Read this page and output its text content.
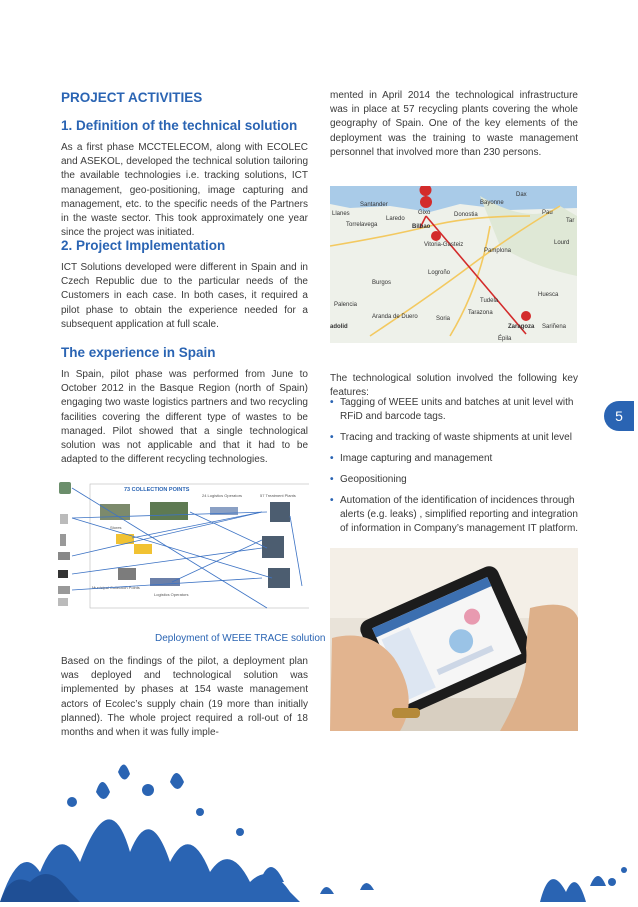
PROJECT ACTIVITIES
1. Definition of the technical solution

As a first phase MCCTELECOM, along with ECOLEC and ASEKOL, developed the technical solution tailoring the available technologies i.e. tracking solutions, ICT management, geo-positioning, image capturing and management, etc. to the specific needs of the Partners in the waste sector. This took approximately one year since the project was initiated.

2. Project Implementation

ICT Solutions developed were different in Spain and in Czech Republic due to the particular needs of the Customers in each case. In both cases, it required a pilot phase to obtain the experience needed for a subsequent application at full scale.

The experience in Spain

In Spain, pilot phase was performed from June to October 2012 in the Basque Region (north of Spain) engaging two waste logistics partners and two recycling facilities covering the different type of wastes to be managed. Pilot showed that a single technological solution was not applicable and that it had to be adapted to the different recycling technologies.

Based on the findings of the pilot, a deployment plan was deployed and technological solution was implemented by phases at 154 waste management actors of Ecolec’s supply chain (19 more than initially planned). The whole project required a roll-out of 18 months and when it was fully imple-

73 COLLECTION POINTS
24 Logistics Operators	57 Treatment Plants
Stores
Municipal Collection Points
Logistics Operators
Deployment of WEEE TRACE solution

mented in April 2014 the technological infrastructure was in place at 57 recycling plants covering the whole geography of Spain. One of the key elements of the deployment was the training to waste management personnel that involved more than 230 persons.

Dax
Santander	Bayonne
Llanes
Laredo
Gixo	Donostia	Pau
Tar
Torrelavega	Bilbao
Vitoria-Gasteiz
Pamplona
Lourd
Logroño
Burgos
Huesca
Palencia
Tudela
Soria
Tarazona
Aranda de Duero
adolid	Zaragoza Sariñena
Épila

The technological solution involved the following key features:

• Tagging of WEEE units and batches at unit level with RFiD and barcode tags.
• Tracing and tracking of waste shipments at unit level
• Image capturing and management
• Geopositioning
• Automation of the identification of incidences through alerts (e.g. leaks) , simplified reporting and integration of information in Company’s management IT platform.
5
